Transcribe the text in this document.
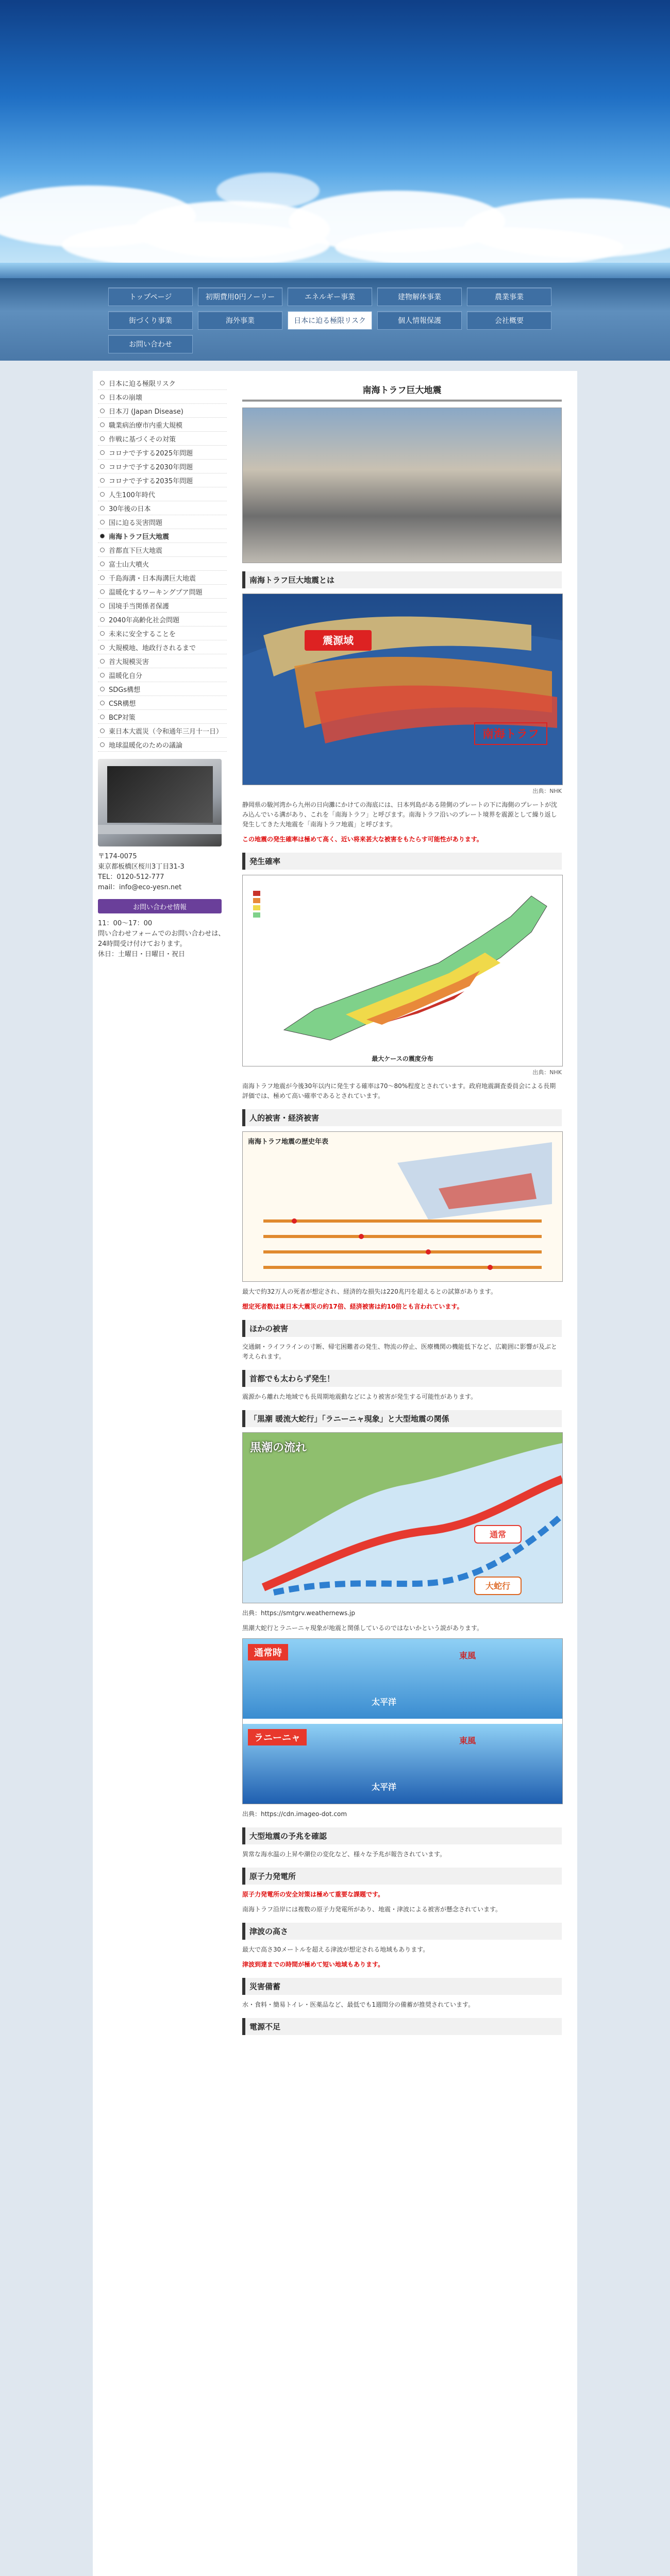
トップページ	初期費用0円ノーリー	エネルギー事業	建物解体事業	農業事業
街づくり事業	海外事業	日本に迫る極限リスク	個人情報保護	会社概要
お問い合わせ
日本に迫る極限リスク
日本の崩壊
日本刀 (Japan Disease)
職業病治療市内重大規模
作戦に基づくその対策
コロナで予する2025年問題
コロナで予する2030年問題
コロナで予する2035年問題
人生100年時代
30年後の日本
国に迫る災害問題
南海トラフ巨大地震
首都直下巨大地震
富士山大噴火
千島海溝・日本海溝巨大地震
温暖化するワーキングプア問題
国境手当関係者保護
2040年高齢化社会問題
未来に安全することを
大規模地、地政行されるまで
首大規模災害
温暖化自分
SDGs構想
CSR構想
BCP対策
東日本大震災（令和通年三月十一日）
地球温暖化のための議論
〒174-0075
東京都板橋区桜川3丁目31-3
TEL：0120-512-777
mail：info@eco-yesn.net
お問い合わせ情報
11：00〜17：00
問い合わせフォームでのお問い合わせは、24時間受け付けております。
休日：土曜日・日曜日・祝日
南海トラフ巨大地震
南海トラフ巨大地震とは
震源域
南海トラフ
出典：NHK
静岡県の駿河湾から九州の日向灘にかけての海底には、日本列島がある陸側のプレートの下に海側のプレートが沈み込んでいる溝があり、これを「南海トラフ」と呼びます。南海トラフ沿いのプレート境界を震源として繰り返し発生してきた大地震を「南海トラフ地震」と呼びます。
この地震の発生確率は極めて高く、近い将来甚大な被害をもたらす可能性があります。
発生確率
最大ケースの震度分布
出典：NHK
南海トラフ地震が今後30年以内に発生する確率は70〜80%程度とされています。政府地震調査委員会による長期評価では、極めて高い確率であるとされています。
人的被害・経済被害
南海トラフ地震の歴史年表
最大で約32万人の死者が想定され、経済的な損失は220兆円を超えるとの試算があります。
想定死者数は東日本大震災の約17倍、経済被害は約10倍とも言われています。
ほかの被害
交通網・ライフラインの寸断、帰宅困難者の発生、物流の停止、医療機関の機能低下など、広範囲に影響が及ぶと考えられます。
首都でも太わらず発生！
震源から離れた地域でも長周期地震動などにより被害が発生する可能性があります。
「黒潮 暖流大蛇行」「ラニーニャ現象」と大型地震の関係
通常
大蛇行
黒潮の流れ
出典：https://smtgrv.weathernews.jp
黒潮大蛇行とラニーニャ現象が地震と関係しているのではないかという説があります。
通常時	東風
太平洋
ラニーニャ	東風
太平洋
出典：https://cdn.imageo-dot.com
大型地震の予兆を確認
異常な海水温の上昇や潮位の変化など、様々な予兆が報告されています。
原子力発電所
原子力発電所の安全対策は極めて重要な課題です。
南海トラフ沿岸には複数の原子力発電所があり、地震・津波による被害が懸念されています。
津波の高さ
最大で高さ30メートルを超える津波が想定される地域もあります。
津波到達までの時間が極めて短い地域もあります。
災害備蓄
水・食料・簡易トイレ・医薬品など、最低でも1週間分の備蓄が推奨されています。
電源不足
